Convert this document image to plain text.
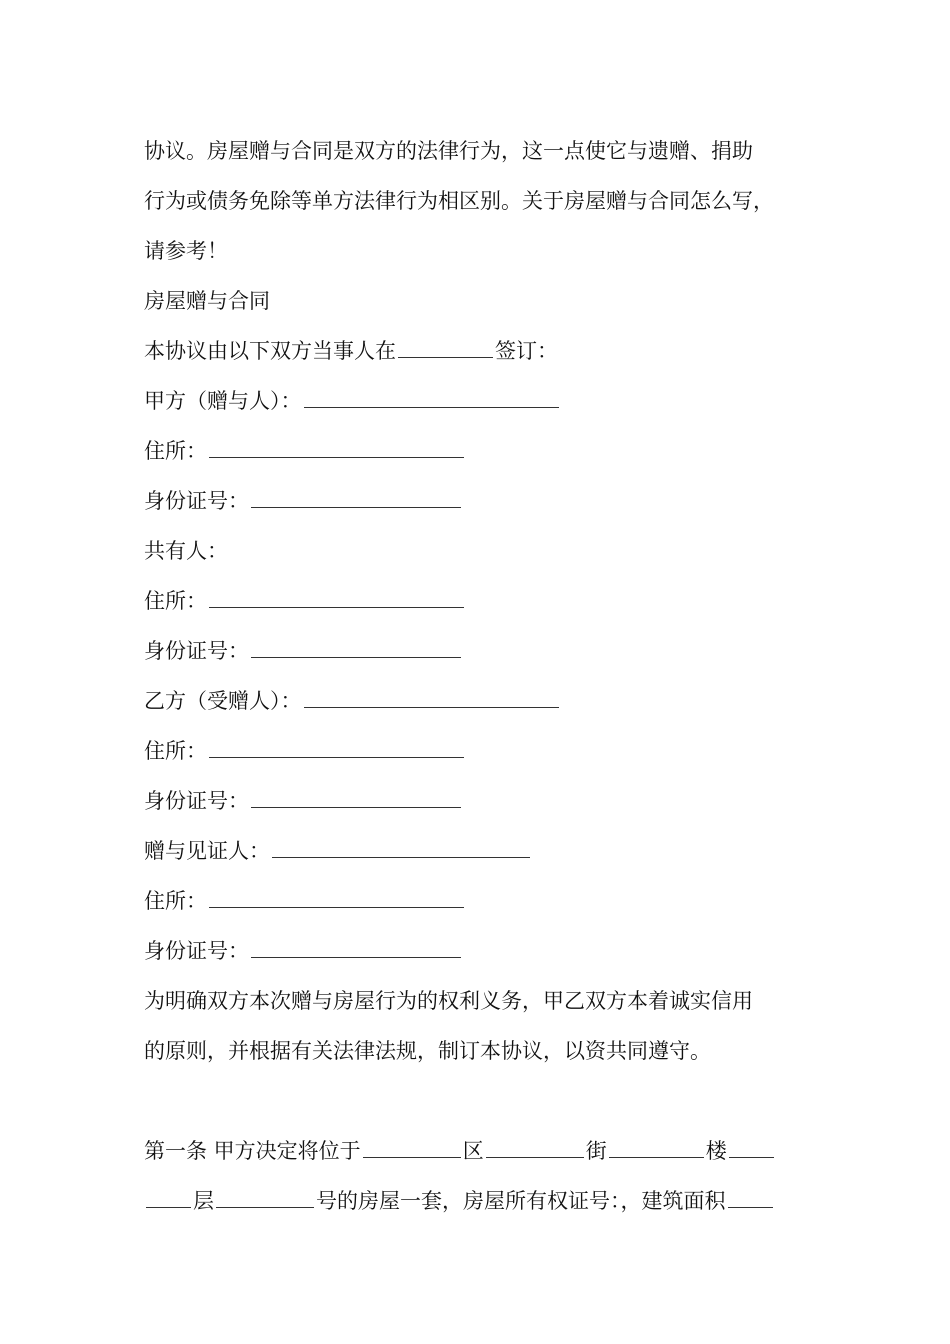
协议。房屋赠与合同是双方的法律行为，这一点使它与遗赠、捐助
行为或债务免除等单方法律行为相区别。关于房屋赠与合同怎么写，
请参考！
房屋赠与合同
本协议由以下双方当事人在	签订：
甲方（赠与人）：
住所：
身份证号：
共有人：
住所：
身份证号：
乙方（受赠人）：
住所：
身份证号：
赠与见证人：
住所：
身份证号：
为明确双方本次赠与房屋行为的权利义务，甲乙双方本着诚实信用
的原则，并根据有关法律法规，制订本协议，以资共同遵守。
第一条 甲方决定将位于	区	街	楼
层	号的房屋一套，房屋所有权证号：，建筑面积
